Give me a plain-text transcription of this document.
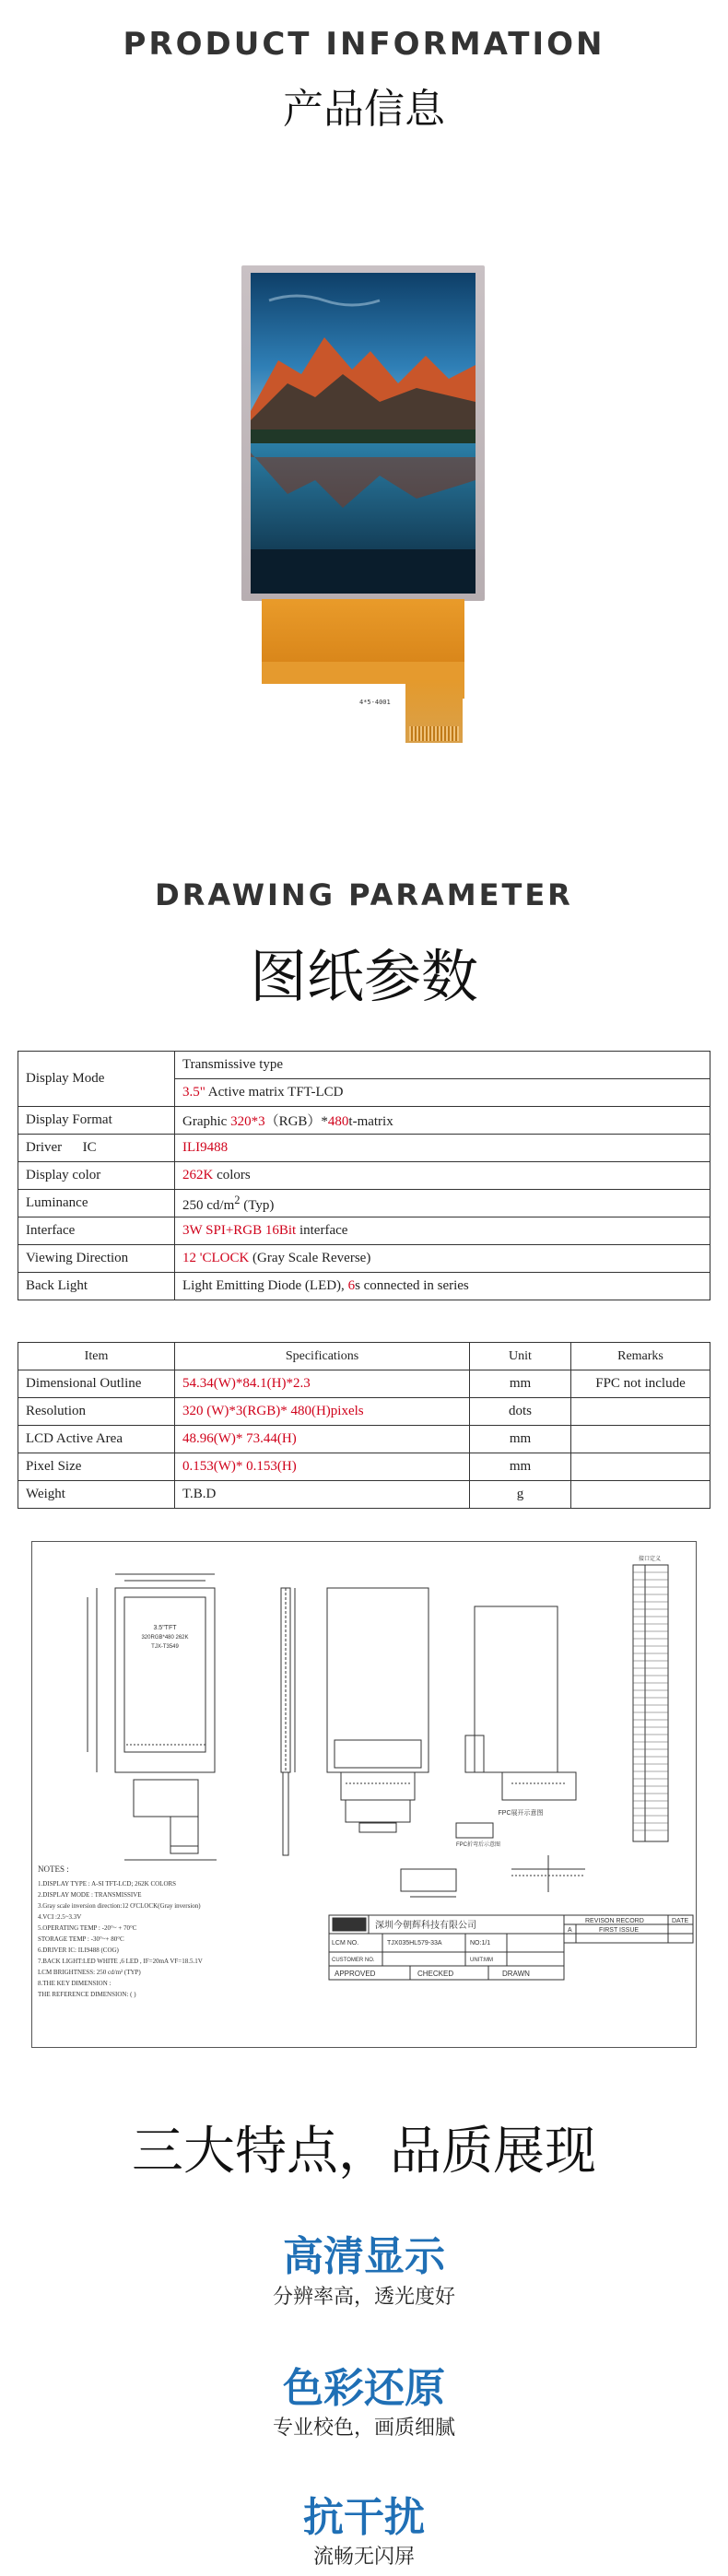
PRODUCT INFORMATION
产品信息
4*5-4001
DRAWING PARAMETER
图纸参数
Display Mode	Transmissive type
	3.5" Active matrix TFT-LCD
Display Format	Graphic 320*3（RGB）*480t-matrix
Driver      IC	ILI9488
Display color	262K colors
Luminance	250 $cd/m^2$ (Typ)
Interface	3W SPI+RGB 16Bit interface
Viewing Direction	12 'CLOCK (Gray Scale Reverse)
Back Light	Light Emitting Diode (LED), 6s connected in series
Item	Specifications	Unit	Remarks
Dimensional Outline	54.34(W)*84.1(H)*2.3	mm	FPC not include
Resolution	320 (W)*3(RGB)* 480(H)pixels	dots	
LCD Active Area	48.96(W)* 73.44(H)	mm	
Pixel Size	0.153(W)* 0.153(H)	mm	
Weight	T.B.D	g	
3.5"TFT
320RGB*480 262K
TJX-T3549
FPC展开示意图
FPC折弯后示意图
接口定义
NOTES :
1.DISPLAY TYPE : A-SI TFT-LCD; 262K COLORS
2.DISPLAY MODE : TRANSMISSIVE
3.Gray scale inversion direction:12 O'CLOCK(Gray inversion)
4.VCI :2.5~3.3V
5.OPERATING TEMP : -20°~ + 70°C
STORAGE TEMP : -30°~+ 80°C
6.DRIVER IC: ILI9488 (COG)
7.BACK LIGHT:LED WHITE ,6 LED , IF=20mA VF=18.5.1V
LCM BRIGHTNESS: 250 cd/m² (TYP)
8.THE KEY DIMENSION :
THE REFERENCE DIMENSION: ( )
深圳今朝辉科技有限公司
LCM NO.	TJX035HL579-33A	NO:1/1
CUSTOMER NO.	UNIT:MM
APPROVED	CHECKED	DRAWN
REVISON RECORD	DATE
A	FIRST ISSUE
三大特点，品质展现
高清显示
分辨率高，透光度好
色彩还原
专业校色，画质细腻
抗干扰
流畅无闪屏
